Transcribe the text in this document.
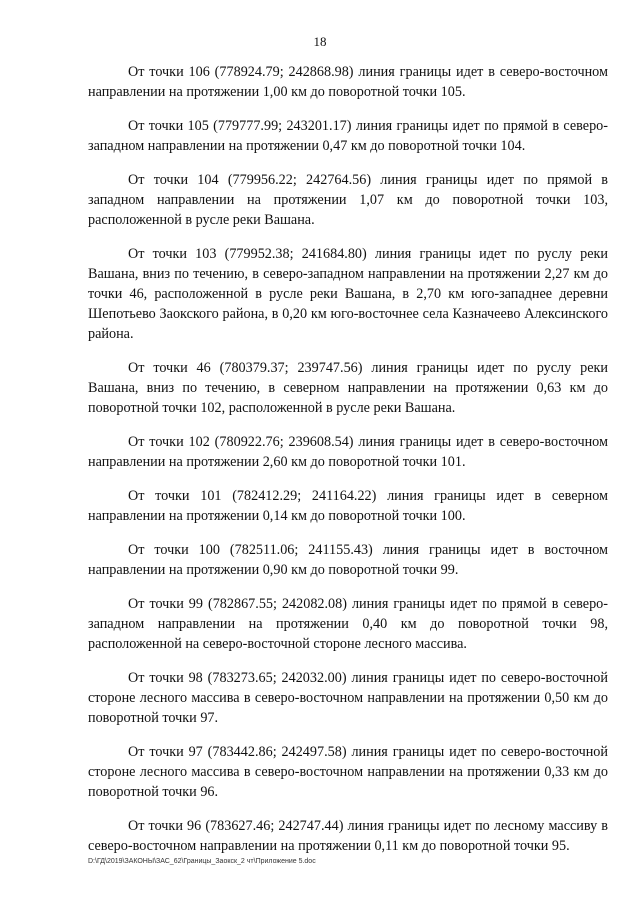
18

От точки 106 (778924.79; 242868.98) линия границы идет в северо-восточном направлении на протяжении 1,00 км до поворотной точки 105.

От точки 105 (779777.99; 243201.17) линия границы идет по прямой в северо-западном направлении на протяжении 0,47 км до поворотной точки 104.

От точки 104 (779956.22; 242764.56) линия границы идет по прямой в западном направлении на протяжении 1,07 км до поворотной точки 103, расположенной в русле реки Вашана.

От точки 103 (779952.38; 241684.80) линия границы идет по руслу реки Вашана, вниз по течению, в северо-западном направлении на протяжении 2,27 км до точки 46, расположенной в русле реки Вашана, в 2,70 км юго-западнее деревни Шепотьево Заокского района, в 0,20 км юго-восточнее села Казначеево Алексинского района.

От точки 46 (780379.37; 239747.56) линия границы идет по руслу реки Вашана, вниз по течению, в северном направлении на протяжении 0,63 км до поворотной точки 102, расположенной в русле реки Вашана.

От точки 102 (780922.76; 239608.54) линия границы идет в северо-восточном направлении на протяжении 2,60 км до поворотной точки 101.

От точки 101 (782412.29; 241164.22) линия границы идет в северном направлении на протяжении 0,14 км до поворотной точки 100.

От точки 100 (782511.06; 241155.43) линия границы идет в восточном направлении на протяжении 0,90 км до поворотной точки 99.

От точки 99 (782867.55; 242082.08) линия границы идет по прямой в северо-западном направлении на протяжении 0,40 км до поворотной точки 98, расположенной на северо-восточной стороне лесного массива.

От точки 98 (783273.65; 242032.00) линия границы идет по северо-восточной стороне лесного массива в северо-восточном направлении на протяжении 0,50 км до поворотной точки 97.

От точки 97 (783442.86; 242497.58) линия границы идет по северо-восточной стороне лесного массива в северо-восточном направлении на протяжении 0,33 км до поворотной точки 96.

От точки 96 (783627.46; 242747.44) линия границы идет по лесному массиву в северо-восточном направлении на протяжении 0,11 км до поворотной точки 95.

D:\ГД\2019\ЗАКОНЫ\ЗАС_62\Границы_Заокск_2 чт\Приложение 5.doc
